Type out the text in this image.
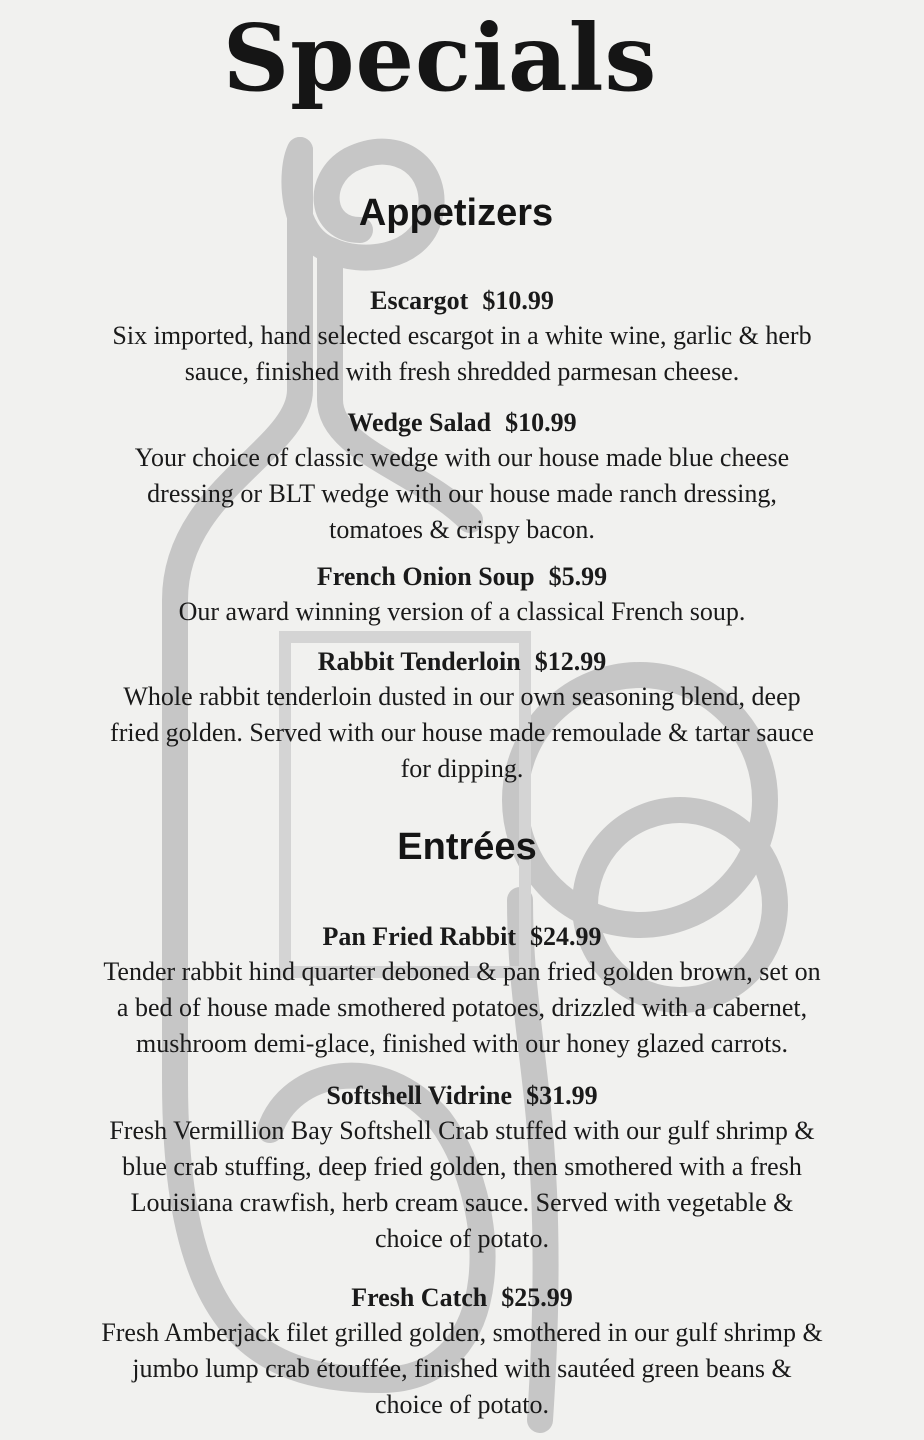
Specials
Appetizers
Escargot $10.99

Six imported, hand selected escargot in a white wine, garlic & herb

sauce, finished with fresh shredded parmesan cheese.

Wedge Salad $10.99

Your choice of classic wedge with our house made blue cheese

dressing or BLT wedge with our house made ranch dressing,

tomatoes & crispy bacon.

French Onion Soup $5.99

Our award winning version of a classical French soup.

Rabbit Tenderloin $12.99

Whole rabbit tenderloin dusted in our own seasoning blend, deep

fried golden. Served with our house made remoulade & tartar sauce

for dipping.

Entrées
Pan Fried Rabbit $24.99

Tender rabbit hind quarter deboned & pan fried golden brown, set on

a bed of house made smothered potatoes, drizzled with a cabernet,

mushroom demi-glace, finished with our honey glazed carrots.

Softshell Vidrine $31.99

Fresh Vermillion Bay Softshell Crab stuffed with our gulf shrimp &

blue crab stuffing, deep fried golden, then smothered with a fresh

Louisiana crawfish, herb cream sauce. Served with vegetable &

choice of potato.

Fresh Catch $25.99

Fresh Amberjack filet grilled golden, smothered in our gulf shrimp &

jumbo lump crab étouffée, finished with sautéed green beans &

choice of potato.
